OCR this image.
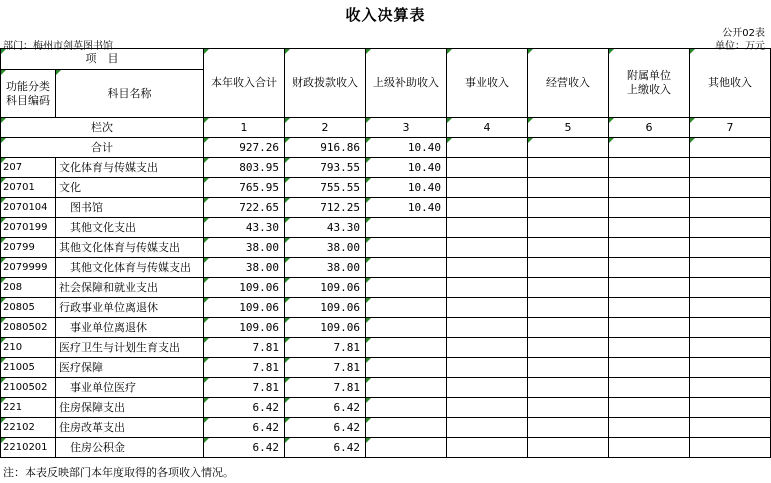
收入决算表
公开02表
部门：梅州市剑英图书馆	单位：万元
项　目		本年收入合计	财政拨款收入	上级补助收入	事业收入	经营收入	附属单位上缴收入	其他收入
功能分类科目编码	科目名称							
栏次		1	2	3	4	5	6	7
合计		927.26	916.86	10.40				
207	文化体育与传媒支出	803.95	793.55	10.40				
20701	文化	765.95	755.55	10.40				
2070104	图书馆	722.65	712.25	10.40				
2070199	其他文化支出	43.30	43.30					
20799	其他文化体育与传媒支出	38.00	38.00					
2079999	其他文化体育与传媒支出	38.00	38.00					
208	社会保障和就业支出	109.06	109.06					
20805	行政事业单位离退休	109.06	109.06					
2080502	事业单位离退休	109.06	109.06					
210	医疗卫生与计划生育支出	7.81	7.81					
21005	医疗保障	7.81	7.81					
2100502	事业单位医疗	7.81	7.81					
221	住房保障支出	6.42	6.42					
22102	住房改革支出	6.42	6.42					
2210201	住房公积金	6.42	6.42					
注：本表反映部门本年度取得的各项收入情况。
